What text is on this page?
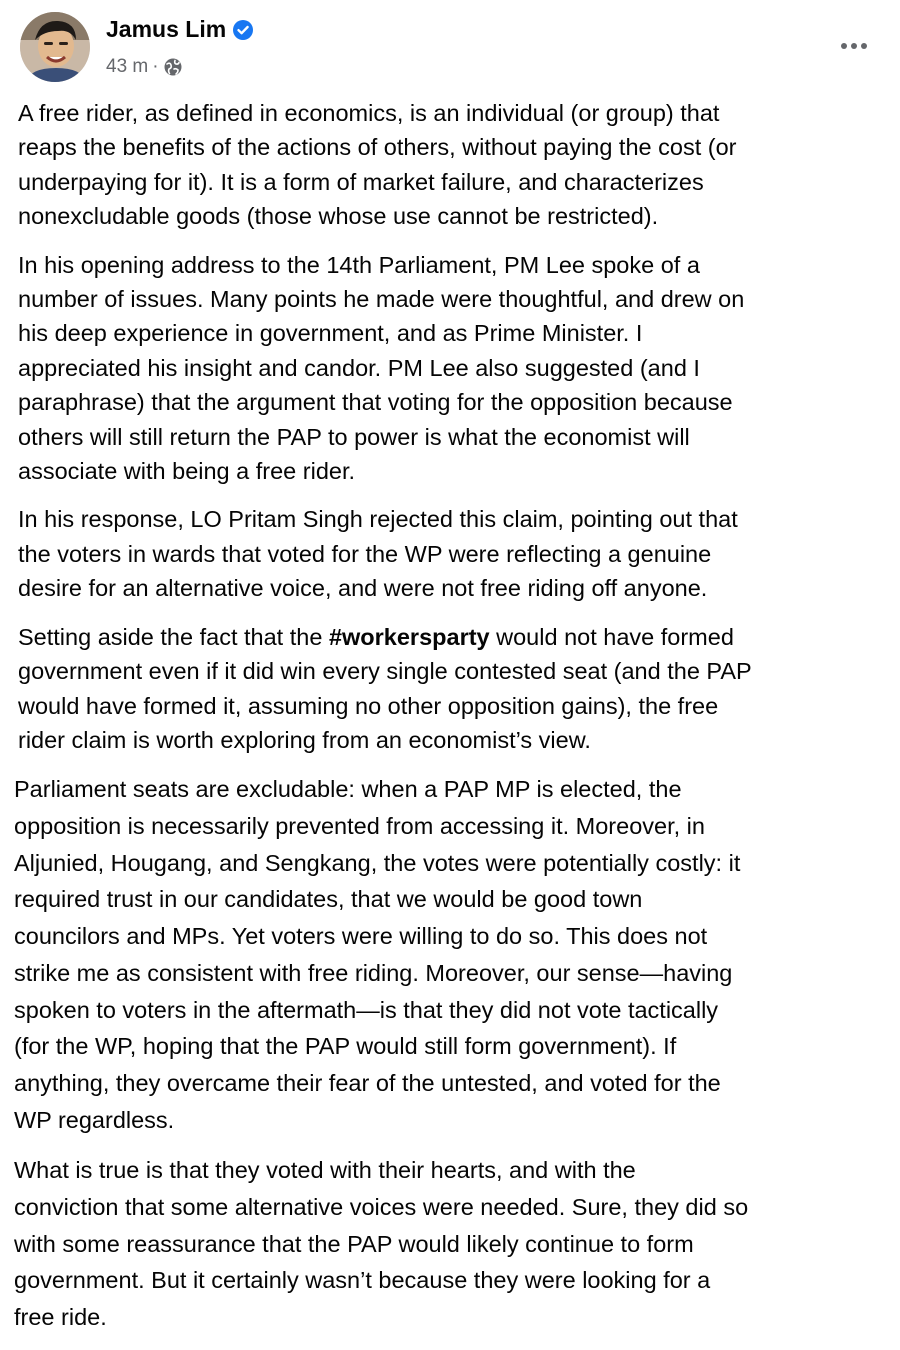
Jamus Lim
43 m ·

A free rider, as defined in economics, is an individual (or group) that
reaps the benefits of the actions of others, without paying the cost (or
underpaying for it). It is a form of market failure, and characterizes
nonexcludable goods (those whose use cannot be restricted).

In his opening address to the 14th Parliament, PM Lee spoke of a
number of issues. Many points he made were thoughtful, and drew on
his deep experience in government, and as Prime Minister. I
appreciated his insight and candor. PM Lee also suggested (and I
paraphrase) that the argument that voting for the opposition because
others will still return the PAP to power is what the economist will
associate with being a free rider.

In his response, LO Pritam Singh rejected this claim, pointing out that
the voters in wards that voted for the WP were reflecting a genuine
desire for an alternative voice, and were not free riding off anyone.

Setting aside the fact that the #workersparty would not have formed
government even if it did win every single contested seat (and the PAP
would have formed it, assuming no other opposition gains), the free
rider claim is worth exploring from an economist’s view.

Parliament seats are excludable: when a PAP MP is elected, the
opposition is necessarily prevented from accessing it. Moreover, in
Aljunied, Hougang, and Sengkang, the votes were potentially costly: it
required trust in our candidates, that we would be good town
councilors and MPs. Yet voters were willing to do so. This does not
strike me as consistent with free riding. Moreover, our sense—having
spoken to voters in the aftermath—is that they did not vote tactically
(for the WP, hoping that the PAP would still form government). If
anything, they overcame their fear of the untested, and voted for the
WP regardless.

What is true is that they voted with their hearts, and with the
conviction that some alternative voices were needed. Sure, they did so
with some reassurance that the PAP would likely continue to form
government. But it certainly wasn’t because they were looking for a
free ride.
